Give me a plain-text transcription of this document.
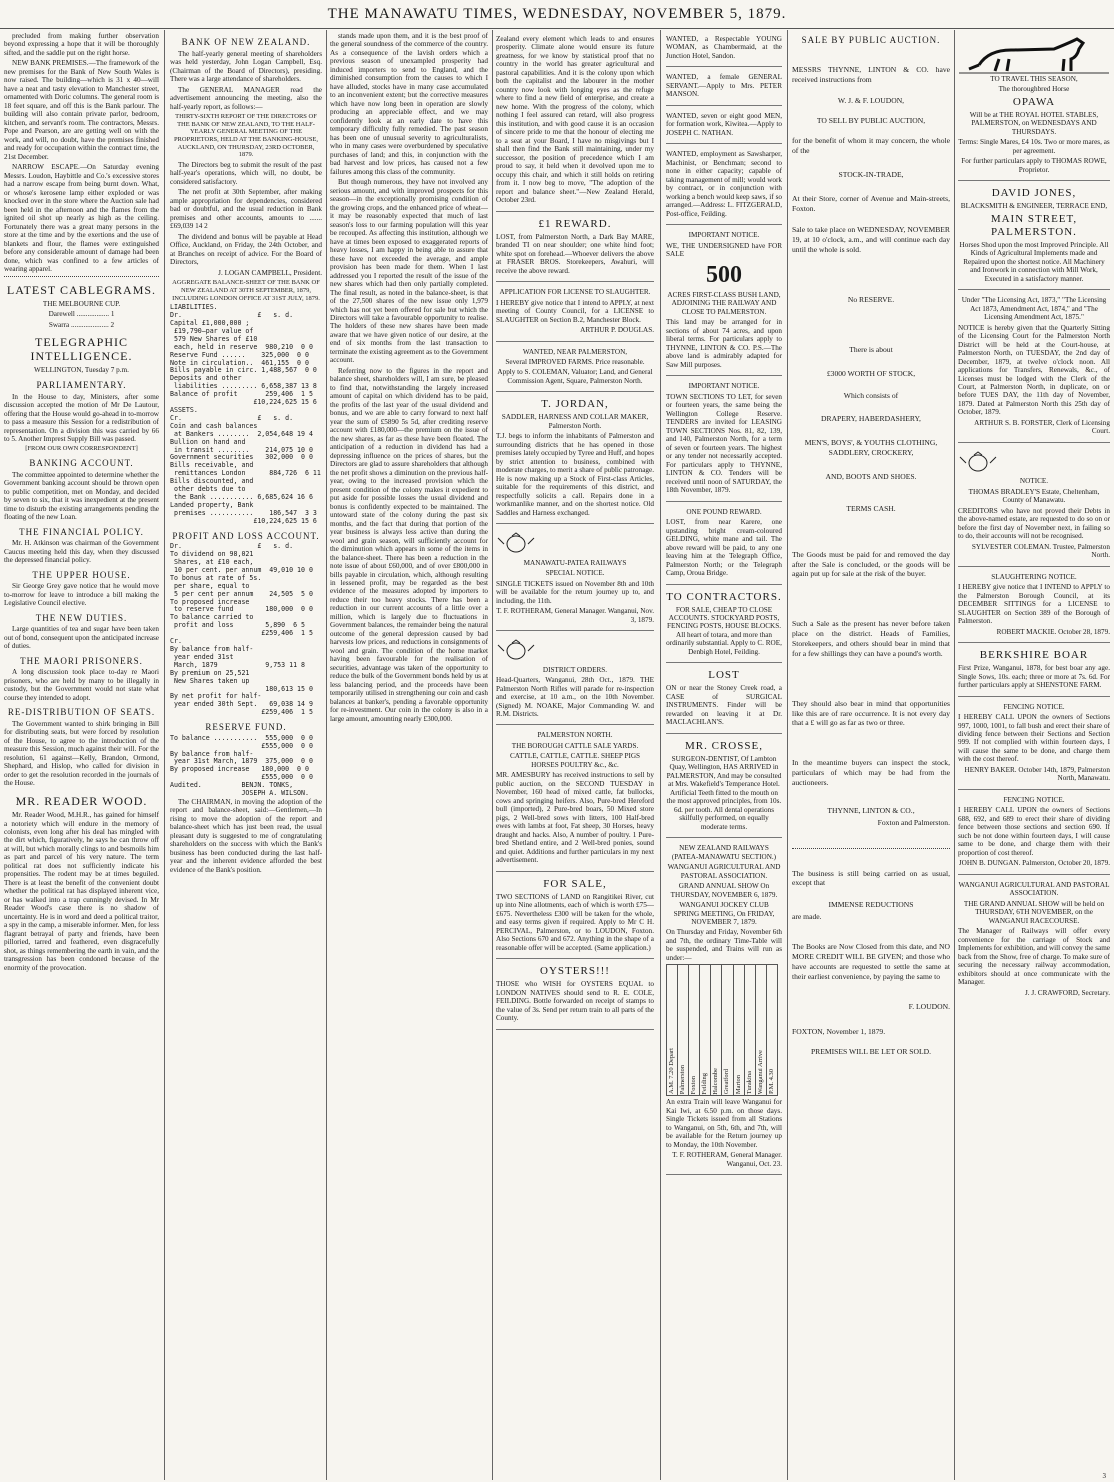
THE MANAWATU TIMES, WEDNESDAY, NOVEMBER 5, 1879.

precluded from making further observation beyond expressing a hope that it will be thoroughly sifted, and the saddle put on the right horse.

NEW BANK PREMISES.—The framework of the new premises for the Bank of New South Wales is now raised. The building—which is 31 x 40—will have a neat and tasty elevation to Manchester street, ornamented with Doric columns. The general room is 18 feet square, and off this is the Bank parlour. The building will also contain private parlor, bedroom, kitchen, and servant's room. The contractors, Messrs. Pope and Pearson, are are getting well on with the work, and will, no doubt, have the premises finished and ready for occupation within the contract time, the 21st December.

NARROW ESCAPE.—On Saturday evening Messrs. Loudon, Haybittle and Co.'s excessive stores had a narrow escape from being burnt down. What, or whose's kerosene lamp either exploded or was knocked over in the store where the Auction sale had been held in the afternoon and the flames from the ignited oil shot up nearly as high as the ceiling. Fortunately there was a great many persons in the store at the time and by the exertions and the use of blankets and flour, the flames were extinguished before any considerable amount of damage had been done, which was confined to a few articles of wearing apparel.

LATEST CABLEGRAMS.

THE MELBOURNE CUP.

Darewell .................. 1

Swarra ..................... 2

TELEGRAPHIC INTELLIGENCE.

WELLINGTON, Tuesday 7 p.m.

PARLIAMENTARY.

In the House to day, Ministers, after some discussion accepted the motion of Mr De Lautour, offering that the House would go-ahead in to-morrow to pass a measure this Session for a redistribution of representation. On a division this was carried by 66 to 5. Another Imprest Supply Bill was passed.

[FROM OUR OWN CORRESPONDENT]

BANKING ACCOUNT.

The committee appointed to determine whether the Government banking account should be thrown open to public competition, met on Monday, and decided by seven to six, that it was inexpedient at the present time to disturb the existing arrangements pending the floating of the new Loan.

THE FINANCIAL POLICY.

Mr. H. Atkinson was chairman of the Government Caucus meeting held this day, when they discussed the depressed financial policy.

THE UPPER HOUSE.

Sir George Grey gave notice that he would move to-morrow for leave to introduce a bill making the Legislative Council elective.

THE NEW DUTIES.

Large quantities of tea and sugar have been taken out of bond, consequent upon the anticipated increase of duties.

THE MAORI PRISONERS.

A long discussion took place to-day re Maori prisoners, who are held by many to be illegally in custody, but the Government would not state what course they intended to adopt.

RE-DISTRIBUTION OF SEATS.

The Government wanted to shirk bringing in Bill for distributing seats, but were forced by resolution of the House, to agree to the introduction of the measure this Session, much against their will. For the resolution, 61 against—Kelly, Brandon, Ormond, Shephard, and Hislop, who called for division in order to get the resolution recorded in the journals of the House.

MR. READER WOOD.

Mr. Reader Wood, M.H.R., has gained for himself a notoriety which will endure in the memory of colonists, even long after his deal has mingled with the dirt which, figuratively, he says he can throw off at will, but which morally clings to and besmoils him as part and parcel of his very nature. The term political rat does not sufficiently indicate his propensities. The rodent may be at times beguiled. There is at least the benefit of the convenient doubt whether the political rat has displayed inherent vice, or has walked into a trap cunningly devised. In Mr Reader Wood's case there is no shadow of uncertainty. He is in word and deed a political traitor, a spy in the camp, a miserable informer. Men, for less flagrant betrayal of party and friends, have been pilloried, tarred and feathered, even disgracefully shot, as things remembering the earth in vain, and the transgression has been condoned because of the enormity of the provocation.

BANK OF NEW ZEALAND.

The half-yearly general meeting of shareholders was held yesterday, John Logan Campbell, Esq. (Chairman of the Board of Directors), presiding. There was a large attendance of shareholders.

The GENERAL MANAGER read the advertisement announcing the meeting, also the half-yearly report, as follows:—

THIRTY-SIXTH REPORT OF THE DIRECTORS OF THE BANK OF NEW ZEALAND, TO THE HALF-YEARLY GENERAL MEETING OF THE PROPRIETORS, HELD AT THE BANKING-HOUSE, AUCKLAND, ON THURSDAY, 23RD OCTOBER, 1879.

The Directors beg to submit the result of the past half-year's operations, which will, no doubt, be considered satisfactory.

The net profit at 30th September, after making ample appropriation for dependencies, considered bad or doubtful, and the usual reduction in Bank premises and other accounts, amounts to .......£69,039 14 2

The dividend and bonus will be payable at Head Office, Auckland, on Friday, the 24th October, and at Branches on receipt of advice. For the Board of Directors,

J. LOGAN CAMPBELL, President.

AGGREGATE BALANCE-SHEET OF THE BANK OF NEW ZEALAND AT 30TH SEPTEMBER, 1879, INCLUDING LONDON OFFICE AT 31ST JULY, 1879.

LIABILITIES.
Dr.                   £   s. d.
Capital £1,000,000 ;
£19,790—par value of
579 New Shares of £10
each, held in reserve  980,210  0 0
Reserve Fund ......    325,000  0 0
Note in circulation..  461,155  0 0
Bills payable in circ. 1,488,567  0 0
Deposits and other
liabilities ......... 6,658,387 13 8
Balance of profit       259,406  1 5
£10,224,625 15 6
ASSETS.
Cr.                   £   s. d.
Coin and cash balances
at Bankers ........  2,054,648 19 4
Bullion on hand and
in transit ........    214,075 10 0
Government securities   302,000  0 0
Bills receivable, and
remittances London      884,726  6 11
Bills discounted, and
other debts due to
the Bank ........... 6,685,624 16 6
Landed property, Bank
premises ...........    186,547  3 3
£10,224,625 15 6
PROFIT AND LOSS ACCOUNT.
Dr.                   £   s. d.
To dividend on 98,021
Shares, at £10 each,
10 per cent. per annum  49,010 10 0
To bonus at rate of 5s.
per share, equal to
5 per cent per annum    24,505  5 0
To proposed increase
to reserve fund        180,000  0 0
To balance carried to
profit and loss        5,890  6 5
£259,406  1 5
Cr.
By balance from half-
year ended 31st
March, 1879            9,753 11 8
By premium on 25,521
New Shares taken up
180,613 15 0
By net profit for half-
year ended 30th Sept.   69,038 14 9
£259,406  1 5
RESERVE FUND.
To balance ...........  555,000  0 0
£555,000  0 0
By balance from half-
year 31st March, 1879  375,000  0 0
By proposed increase   180,000  0 0
£555,000  0 0
Audited.          BENJN. TONKS,
JOSEPH A. WILSON.

The CHAIRMAN, in moving the adoption of the report and balance-sheet, said:—Gentlemen,—In rising to move the adoption of the report and balance-sheet which has just been read, the usual pleasant duty is suggested to me of congratulating shareholders on the success with which the Bank's business has been conducted during the last half-year and the inherent evidence afforded the best evidence of the Bank's position.

stands made upon them, and it is the best proof of the general soundness of the commerce of the country. As a consequence of the lavish orders which a previous season of unexampled prosperity had induced importers to send to England, and the diminished consumption from the causes to which I have alluded, stocks have in many case accumulated to an inconvenient extent; but the corrective measures which have now long been in operation are slowly producing an appreciable effect, and we may confidently look at an early date to have this temporary difficulty fully remedied. The past season has been one of unusual severity to agriculturalists, who in many cases were overburdened by speculative purchases of land; and this, in conjunction with the bad harvest and low prices, has caused not a few failures among this class of the community.

But though numerous, they have not involved any serious amount, and with improved prospects for this season—in the exceptionally promising condition of the growing crops, and the enhanced price of wheat—it may be reasonably expected that much of last season's loss to our farming population will this year be recouped. As affecting this institution, although we have at times been exposed to exaggerated reports of heavy losses, I am happy in being able to assure that these have not exceeded the average, and ample provision has been made for them. When I last addressed you I reported the result of the issue of the new shares which had then only partially completed. The final result, as noted in the balance-sheet, is that of the 27,500 shares of the new issue only 1,979 which has not yet been offered for sale but which the Directors will take a favourable opportunity to realise. The holders of these new shares have been made aware that we have given notice of our desire, at the end of six months from the last transaction to terminate the existing agreement as to the Government account.

Referring now to the figures in the report and balance sheet, shareholders will, I am sure, be pleased to find that, notwithstanding the largely increased amount of capital on which dividend has to be paid, the profits of the last year of the usual dividend and bonus, and we are able to carry forward to next half year the sum of £5890 5s 5d, after crediting reserve account with £180,000—the premium on the issue of the new shares, as far as these have been floated. The anticipation of a reduction in dividend has had a depressing influence on the prices of shares, but the Directors are glad to assure shareholders that although the net profit shows a diminution on the previous half-year, owing to the increased provision which the present condition of the colony makes it expedient to put aside for possible losses the usual dividend and bonus is confidently expected to be maintained. The untoward state of the colony during the past six months, and the fact that during that portion of the year business is always less active than during the wool and grain season, will sufficiently account for the diminution which appears in some of the items in the balance-sheet. There has been a reduction in the note issue of about £60,000, and of over £800,000 in bills payable in circulation, which, although resulting in lessened profit, may be regarded as the best evidence of the measures adopted by importers to reduce their too heavy stocks. There has been a reduction in our current accounts of a little over a million, which is largely due to fluctuations in Government balances, the remainder being the natural outcome of the general depression caused by bad harvests low prices, and reductions in consignments of wool and grain. The condition of the home market having been favourable for the realisation of securities, advantage was taken of the opportunity to reduce the bulk of the Government bonds held by us at less balancing period, and the proceeds have been temporarily utilised in strengthening our coin and cash balances at banker's, pending a favorable opportunity for re-investment. Our coin in the colony is also in a large amount, amounting nearly £300,000.

Zealand every element which leads to and ensures prosperity. Climate alone would ensure its future greatness, for we know by statistical proof that no country in the world has greater agricultural and pastoral capabilities. And it is the colony upon which both the capitalist and the labourer in the mother country now look with longing eyes as the refuge where to find a new field of enterprise, and create a new home. With the progress of the colony, which nothing I feel assured can retard, will also progress this institution, and with good cause it is an occasion of sincere pride to me that the honour of electing me to a seat at your Board, I have no misgivings but I shall then find the Bank still maintaining, under my successor, the position of precedence which I am proud to say, it held when it devolved upon me to occupy this chair, and which it still holds on retiring from it. I now beg to move, "The adoption of the report and balance sheet."—New Zealand Herald, October 23rd.

£1 REWARD.

LOST, from Palmerston North, a Dark Bay MARE, branded TI on near shoulder; one white hind foot; white spot on forehead.—Whoever delivers the above at FRASER BROS. Storekeepers, Awahuri, will receive the above reward.

APPLICATION FOR LICENSE TO SLAUGHTER.

I HEREBY give notice that I intend to APPLY, at next meeting of County Council, for a LICENSE to SLAUGHTER on Section B.2, Manchester Block.

ARTHUR P. DOUGLAS.

WANTED, NEAR PALMERSTON,

Several IMPROVED FARMS. Price reasonable.

Apply to S. COLEMAN, Valuator; Land, and General Commission Agent, Square, Palmerston North.

T. JORDAN,

SADDLER, HARNESS AND COLLAR MAKER, Palmerston North.

T.J. begs to inform the inhabitants of Palmerston and surrounding districts that he has opened in those premises lately occupied by Tyree and Huff, and hopes by strict attention to business, combined with moderate charges, to merit a share of public patronage. He is now making up a Stock of First-class Articles, suitable for the requirements of this district, and respectfully solicits a call. Repairs done in a workmanlike manner, and on the shortest notice. Old Saddles and Harness exchanged.

MANAWATU-PATEA RAILWAYS

SPECIAL NOTICE.

SINGLE TICKETS issued on November 8th and 10th will be available for the return journey up to, and including, the 11th.

T. F. ROTHERAM, General Manager. Wanganui, Nov. 3, 1879.

DISTRICT ORDERS.

Head-Quarters, Wanganui, 28th Oct., 1879. THE Palmerston North Rifles will parade for re-inspection and exercise, at 10 a.m., on the 10th November. (Signed) M. NOAKE, Major Commanding W. and R.M. Districts.

PALMERSTON NORTH.

THE BOROUGH CATTLE SALE YARDS.

CATTLE, CATTLE, CATTLE. SHEEP PIGS HORSES POULTRY &c., &c.

MR. AMESBURY has received instructions to sell by public auction, on the SECOND TUESDAY in November, 160 head of mixed cattle, fat bullocks, cows and springing heifers. Also, Pure-bred Hereford bull (imported), 2 Pure-bred boars, 50 Mixed store pigs, 2 Well-bred sows with litters, 100 Half-bred ewes with lambs at foot, Fat sheep, 30 Horses, heavy draught and hacks. Also, A number of poultry. 1 Pure-bred Shetland entire, and 2 Well-bred ponies, sound and quiet. Additions and further particulars in my next advertisement.

FOR SALE,

TWO SECTIONS of LAND on Rangitikei River, cut up into Nine allotments, each of which is worth £75—£675. Nevertheless £300 will be taken for the whole, and easy terms given if required. Apply to Mr C H. PERCIVAL, Palmerston, or to LOUDON, Foxton. Also Sections 670 and 672. Anything in the shape of a reasonable offer will be accepted. (Same application.)

OYSTERS!!!

THOSE who WISH for OYSTERS EQUAL to LONDON NATIVES should send to R. E. COLE, FEILDING. Bottle forwarded on receipt of stamps to the value of 3s. Send per return train to all parts of the County.

WANTED, a Respectable YOUNG WOMAN, as Chambermaid, at the Junction Hotel, Sandon.

WANTED, a female GENERAL SERVANT.—Apply to Mrs. PETER MANSON.

WANTED, seven or eight good MEN, for formation work, Kiwitea.—Apply to JOSEPH C. NATHAN.

WANTED, employment as Sawsharper, Machinist, or Benchman; second to none in either capacity; capable of taking management of mill; would work by contract, or in conjunction with working a bench would keep saws, if so arranged.—Address: L. FITZGERALD, Post-office, Feilding.

IMPORTANT NOTICE.

WE, THE UNDERSIGNED have FOR SALE

500

ACRES FIRST-CLASS BUSH LAND, ADJOINING THE RAILWAY AND CLOSE TO PALMERSTON.

This land may be arranged for in sections of about 74 acres, and upon liberal terms. For particulars apply to THYNNE, LINTON & CO. P.S.—The above land is admirably adapted for Saw Mill purposes.

IMPORTANT NOTICE.

TOWN SECTIONS TO LET, for seven or fourteen years, the same being the Wellington College Reserve. TENDERS are invited for LEASING TOWN SECTIONS Nos. 81, 82, 139, and 140, Palmerston North, for a term of seven or fourteen years. The highest or any tender not necessarily accepted. For particulars apply to THYNNE, LINTON & CO. Tenders will be received until noon of SATURDAY, the 18th November, 1879.

ONE POUND REWARD.

LOST, from near Karere, one upstanding bright cream-coloured GELDING, white mane and tail. The above reward will be paid, to any one leaving him at the Telegraph Office, Palmerston North; or the Telegraph Camp, Oroua Bridge.

TO CONTRACTORS.

FOR SALE, CHEAP TO CLOSE ACCOUNTS. STOCKYARD POSTS, FENCING POSTS, HOUSE BLOCKS. All heart of totara, and more than ordinarily substantial. Apply to C. ROE, Denbigh Hotel, Feilding.

LOST

ON or near the Stoney Creek road, a CASE of SURGICAL INSTRUMENTS. Finder will be rewarded on leaving it at Dr. MACLACHLAN'S.

MR. CROSSE,

SURGEON-DENTIST, Of Lambton Quay, Wellington, HAS ARRIVED in PALMERSTON, And may be consulted at Mrs. Wakefield's Temperance Hotel. Artificial Teeth fitted to the mouth on the most approved principles, from 10s. 6d. per tooth. All dental operations skilfully performed, on equally moderate terms.

NEW ZEALAND RAILWAYS (PATEA-MANAWATU SECTION.)

WANGANUI AGRICULTURAL AND PASTORAL ASSOCIATION.

GRAND ANNUAL SHOW On THURSDAY, NOVEMBER 6, 1879.

WANGANUI JOCKEY CLUB SPRING MEETING, On FRIDAY, NOVEMBER 7, 1879.

On Thursday and Friday, November 6th and 7th, the ordinary Time-Table will be suspended, and Trains will run as under:—

A.M. 7.20 Depart	Palmerston	Foxton	Feilding	Halcombe	Greatford	Marton	Turakina	Wanganui Arrive	P.M. 4.30

An extra Train will leave Wanganui for Kai Iwi, at 6.50 p.m. on those days. Single Tickets issued from all Stations to Wanganui, on 5th, 6th, and 7th, will be available for the Return journey up to Monday, the 10th November.

T. F. ROTHERAM, General Manager. Wanganui, Oct. 23.

SALE BY PUBLIC AUCTION.

MESSRS THYNNE, LINTON & CO. have received instructions from

W. J. & F. LOUDON,

TO SELL BY PUBLIC AUCTION,

for the benefit of whom it may concern, the whole of the

STOCK-IN-TRADE,

At their Store, corner of Avenue and Main-streets, Foxton.

Sale to take place on WEDNESDAY, NOVEMBER 19, at 10 o'clock, a.m., and will continue each day until the whole is sold.

No RESERVE.

There is about

£3000 WORTH OF STOCK,

Which consists of

DRAPERY, HABERDASHERY,

MEN'S, BOYS', & YOUTHS CLOTHING, SADDLERY, CROCKERY,

AND, BOOTS AND SHOES.

TERMS CASH.

The Goods must be paid for and removed the day after the Sale is concluded, or the goods will be again put up for sale at the risk of the buyer.

Such a Sale as the present has never before taken place on the district. Heads of Families, Storekeepers, and others should bear in mind that for a few shillings they can have a pound's worth.

They should also bear in mind that opportunities like this are of rare occurrence. It is not every day that a £ will go as far as two or three.

In the meantime buyers can inspect the stock, particulars of which may be had from the auctioneers.

THYNNE, LINTON & CO.,

Foxton and Palmerston.

The business is still being carried on as usual, except that

IMMENSE REDUCTIONS

are made.

The Books are Now Closed from this date, and NO MORE CREDIT WILL BE GIVEN; and those who have accounts are requested to settle the same at their earliest convenience, by paying the same to

F. LOUDON.

FOXTON, November 1, 1879.

PREMISES WILL BE LET OR SOLD.

TO TRAVEL THIS SEASON,

The thoroughbred Horse

OPAWA

Will be at THE ROYAL HOTEL STABLES, PALMERSTON, on WEDNESDAYS AND THURSDAYS.

Terms: Single Mares, £4 10s. Two or more mares, as per agreement.

For further particulars apply to THOMAS ROWE, Proprietor.

DAVID JONES,

BLACKSMITH & ENGINEER, TERRACE END,

MAIN STREET, PALMERSTON.

Horses Shod upon the most Improved Principle. All Kinds of Agricultural Implements made and Repaired upon the shortest notice. All Machinery and Ironwork in connection with Mill Work, Executed in a satisfactory manner.

Under "The Licensing Act, 1873," "The Licensing Act 1873, Amendment Act, 1874," and "The Licensing Amendment Act, 1875."

NOTICE is hereby given that the Quarterly Sitting of the Licensing Court for the Palmerston North District will be held at the Court-house, at Palmerston North, on TUESDAY, the 2nd day of December, 1879, at twelve o'clock noon. All applications for Transfers, Renewals, &c., of Licenses must be lodged with the Clerk of the Court, at Palmerston North, in duplicate, on or before TUES DAY, the 11th day of November, 1879. Dated at Palmerston North this 25th day of October, 1879.

ARTHUR S. B. FORSTER, Clerk of Licensing Court.

NOTICE.

THOMAS BRADLEY'S Estate, Cheltenham, County of Manawatu.

CREDITORS who have not proved their Debts in the above-named estate, are requested to do so on or before the first day of November next, in failing so to do, their accounts will not be recognised.

SYLVESTER COLEMAN. Trustee, Palmerston North.

SLAUGHTERING NOTICE.

I HEREBY give notice that I INTEND to APPLY to the Palmerston Borough Council, at its DECEMBER SITTINGS for a LICENSE to SLAUGHTER on Section 389 of the Borough of Palmerston.

ROBERT MACKIE. October 28, 1879.

BERKSHIRE BOAR

First Prize, Wanganui, 1878, for best boar any age. Single Sows, 10s. each; three or more at 7s. 6d. For further particulars apply at SHENSTONE FARM.

FENCING NOTICE.

I HEREBY CALL UPON the owners of Sections 997, 1000, 1001, to fall bush and erect their share of dividing fence between their Sections and Section 999. If not complied with within fourteen days, I will cause the same to be done, and charge them with the cost thereof.

HENRY BAKER. October 14th, 1879, Palmerston North, Manawatu.

FENCING NOTICE.

I HEREBY CALL UPON the owners of Sections 688, 692, and 689 to erect their share of dividing fence between those sections and section 690. If such be not done within fourteen days, I will cause same to be done, and charge them with their proportion of cost thereof.

JOHN B. DUNGAN. Palmerston, October 20, 1879.

WANGANUI AGRICULTURAL AND PASTORAL ASSOCIATION.

THE GRAND ANNUAL SHOW will be held on THURSDAY, 6TH NOVEMBER, on the WANGANUI RACECOURSE.

The Manager of Railways will offer every convenience for the carriage of Stock and Implements for exhibition, and will convey the same back from the Show, free of charge. To make sure of securing the necessary railway accommodation, exhibitors should at once communicate with the Manager.

J. J. CRAWFORD, Secretary.

3
